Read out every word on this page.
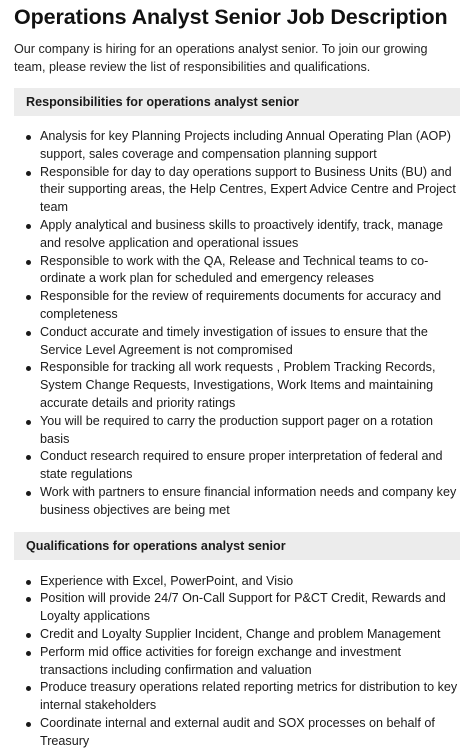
Operations Analyst Senior Job Description

Our company is hiring for an operations analyst senior. To join our growing team, please review the list of responsibilities and qualifications.

Responsibilities for operations analyst senior
Analysis for key Planning Projects including Annual Operating Plan (AOP) support, sales coverage and compensation planning support
Responsible for day to day operations support to Business Units (BU) and their supporting areas, the Help Centres, Expert Advice Centre and Project team
Apply analytical and business skills to proactively identify, track, manage and resolve application and operational issues
Responsible to work with the QA, Release and Technical teams to co-ordinate a work plan for scheduled and emergency releases
Responsible for the review of requirements documents for accuracy and completeness
Conduct accurate and timely investigation of issues to ensure that the Service Level Agreement is not compromised
Responsible for tracking all work requests , Problem Tracking Records, System Change Requests, Investigations, Work Items and maintaining accurate details and priority ratings
You will be required to carry the production support pager on a rotation basis
Conduct research required to ensure proper interpretation of federal and state regulations
Work with partners to ensure financial information needs and company key business objectives are being met
Qualifications for operations analyst senior
Experience with Excel, PowerPoint, and Visio
Position will provide 24/7 On-Call Support for P&CT Credit, Rewards and Loyalty applications
Credit and Loyalty Supplier Incident, Change and problem Management
Perform mid office activities for foreign exchange and investment transactions including confirmation and valuation
Produce treasury operations related reporting metrics for distribution to key internal stakeholders
Coordinate internal and external audit and SOX processes on behalf of Treasury
